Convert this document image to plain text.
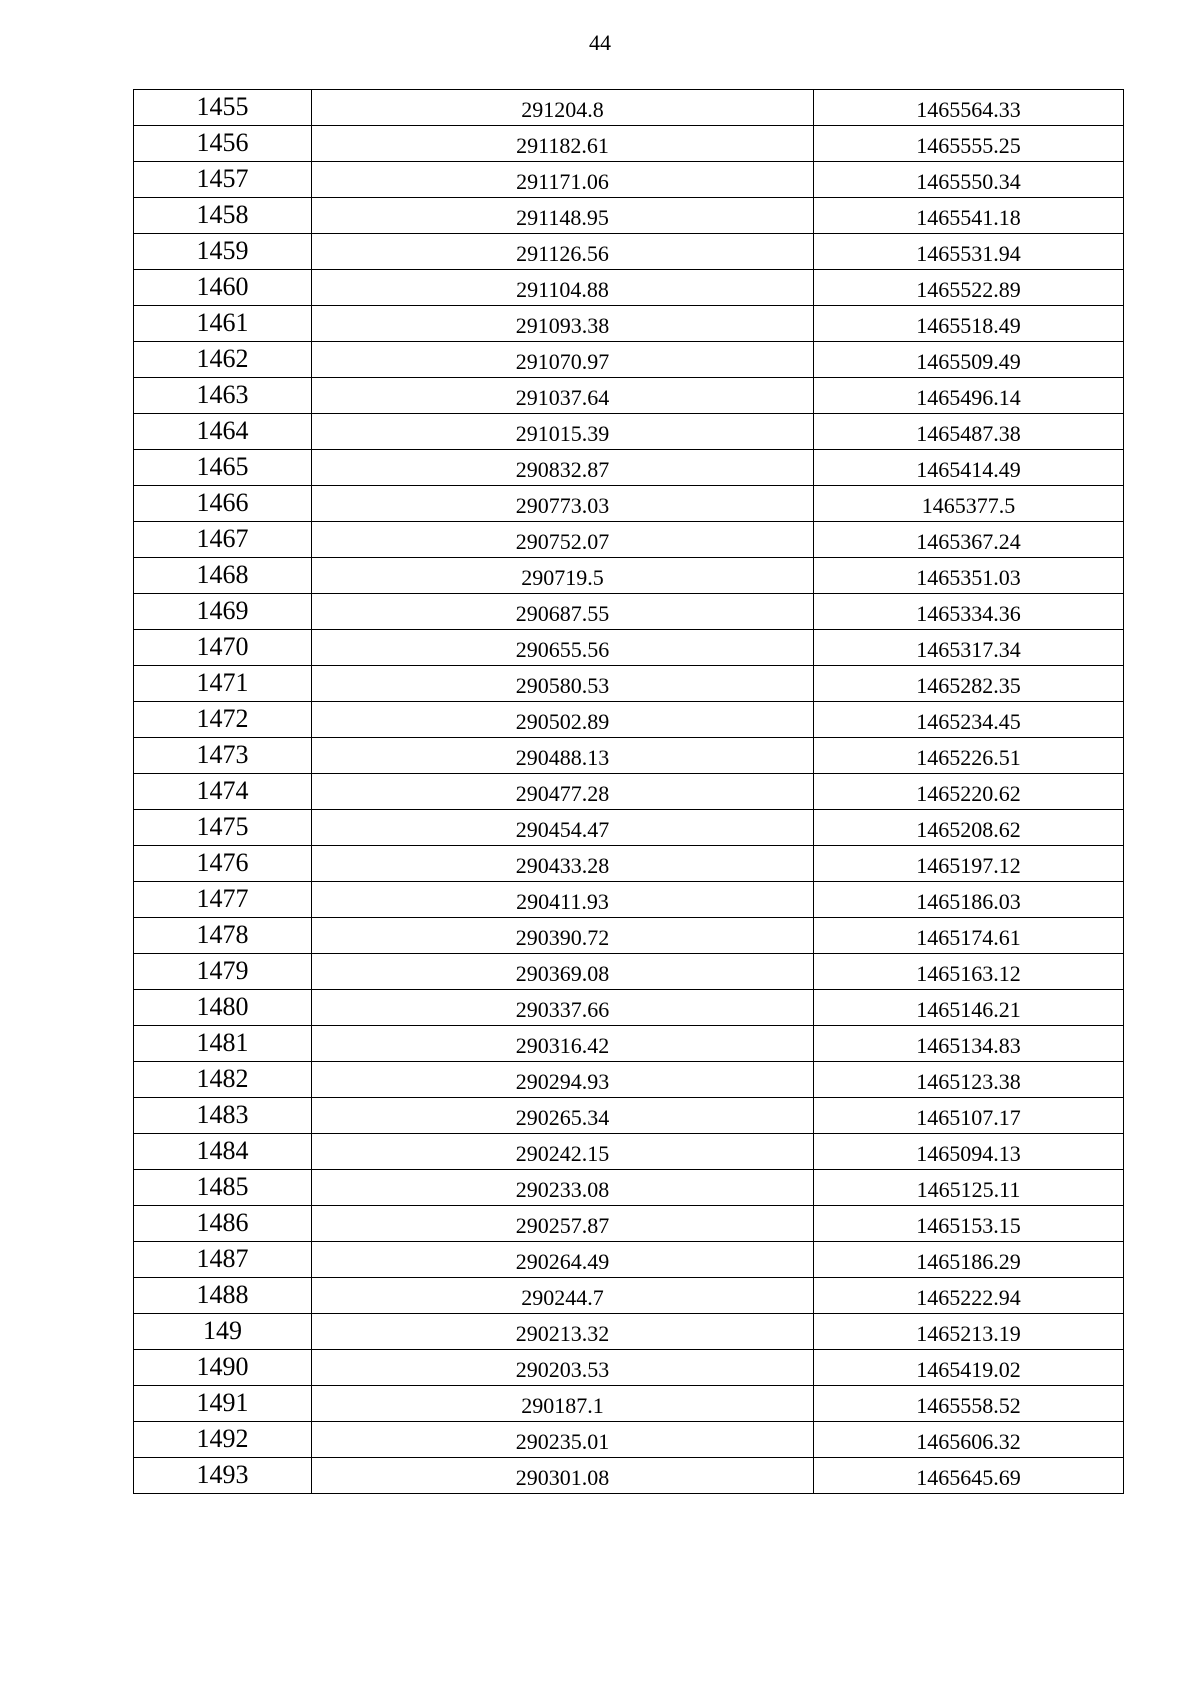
44
1455	291204.8	1465564.33
1456	291182.61	1465555.25
1457	291171.06	1465550.34
1458	291148.95	1465541.18
1459	291126.56	1465531.94
1460	291104.88	1465522.89
1461	291093.38	1465518.49
1462	291070.97	1465509.49
1463	291037.64	1465496.14
1464	291015.39	1465487.38
1465	290832.87	1465414.49
1466	290773.03	1465377.5
1467	290752.07	1465367.24
1468	290719.5	1465351.03
1469	290687.55	1465334.36
1470	290655.56	1465317.34
1471	290580.53	1465282.35
1472	290502.89	1465234.45
1473	290488.13	1465226.51
1474	290477.28	1465220.62
1475	290454.47	1465208.62
1476	290433.28	1465197.12
1477	290411.93	1465186.03
1478	290390.72	1465174.61
1479	290369.08	1465163.12
1480	290337.66	1465146.21
1481	290316.42	1465134.83
1482	290294.93	1465123.38
1483	290265.34	1465107.17
1484	290242.15	1465094.13
1485	290233.08	1465125.11
1486	290257.87	1465153.15
1487	290264.49	1465186.29
1488	290244.7	1465222.94
149	290213.32	1465213.19
1490	290203.53	1465419.02
1491	290187.1	1465558.52
1492	290235.01	1465606.32
1493	290301.08	1465645.69
